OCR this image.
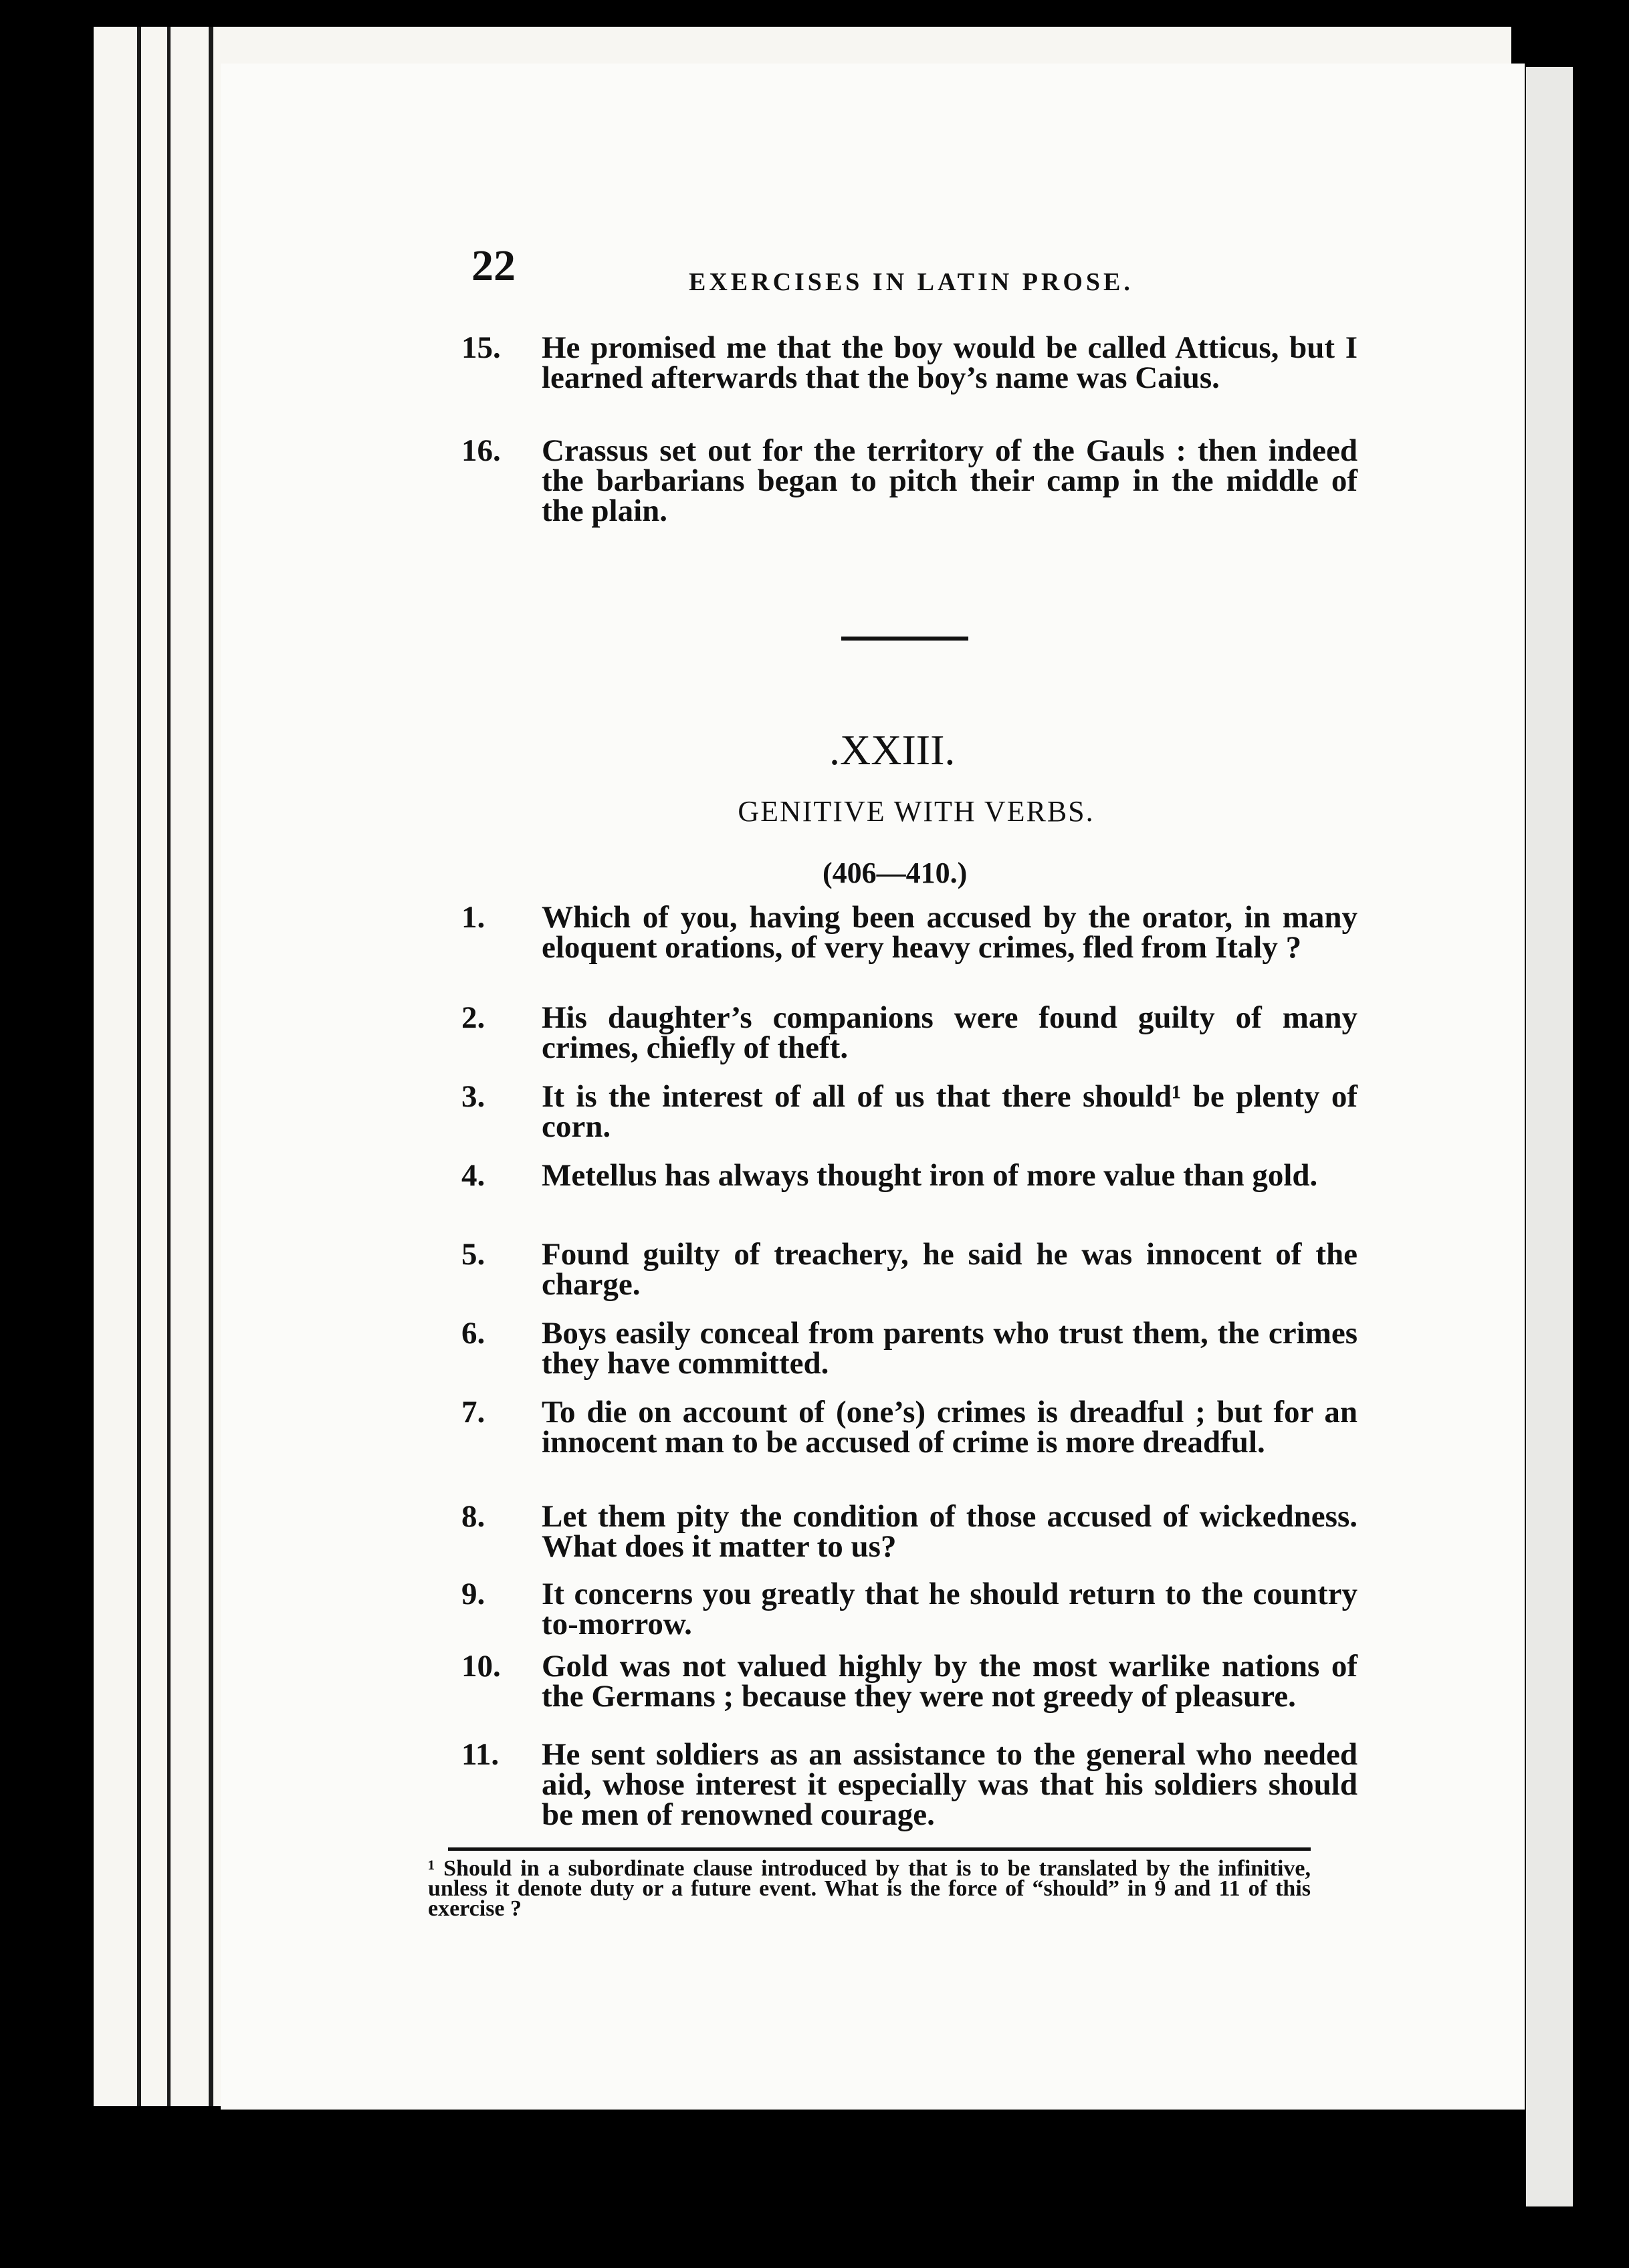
22	EXERCISES IN LATIN PROSE.
15.	He promised me that the boy would be called Atticus, but I learned afterwards that the boy’s name was Caius.
16.	Crassus set out for the territory of the Gauls : then indeed the barbarians began to pitch their camp in the middle of the plain.
.XXIII.
GENITIVE WITH VERBS.
(406—410.)
1.	Which of you, having been accused by the orator, in many eloquent orations, of very heavy crimes, fled from Italy ?
2.	His daughter’s companions were found guilty of many crimes, chiefly of theft.
3.	It is the interest of all of us that there should¹ be plenty of corn.
4.	Metellus has always thought iron of more value than gold.
5.	Found guilty of treachery, he said he was innocent of the charge.
6.	Boys easily conceal from parents who trust them, the crimes they have committed.
7.	To die on account of (one’s) crimes is dreadful ; but for an innocent man to be accused of crime is more dreadful.
8.	Let them pity the condition of those accused of wickedness. What does it matter to us?
9.	It concerns you greatly that he should return to the country to-morrow.
10.	Gold was not valued highly by the most warlike nations of the Germans ; because they were not greedy of pleasure.
11.	He sent soldiers as an assistance to the general who needed aid, whose interest it especially was that his soldiers should be men of renowned courage.
¹ Should in a subordinate clause introduced by that is to be translated by the infinitive, unless it denote duty or a future event. What is the force of “should” in 9 and 11 of this exercise ?
